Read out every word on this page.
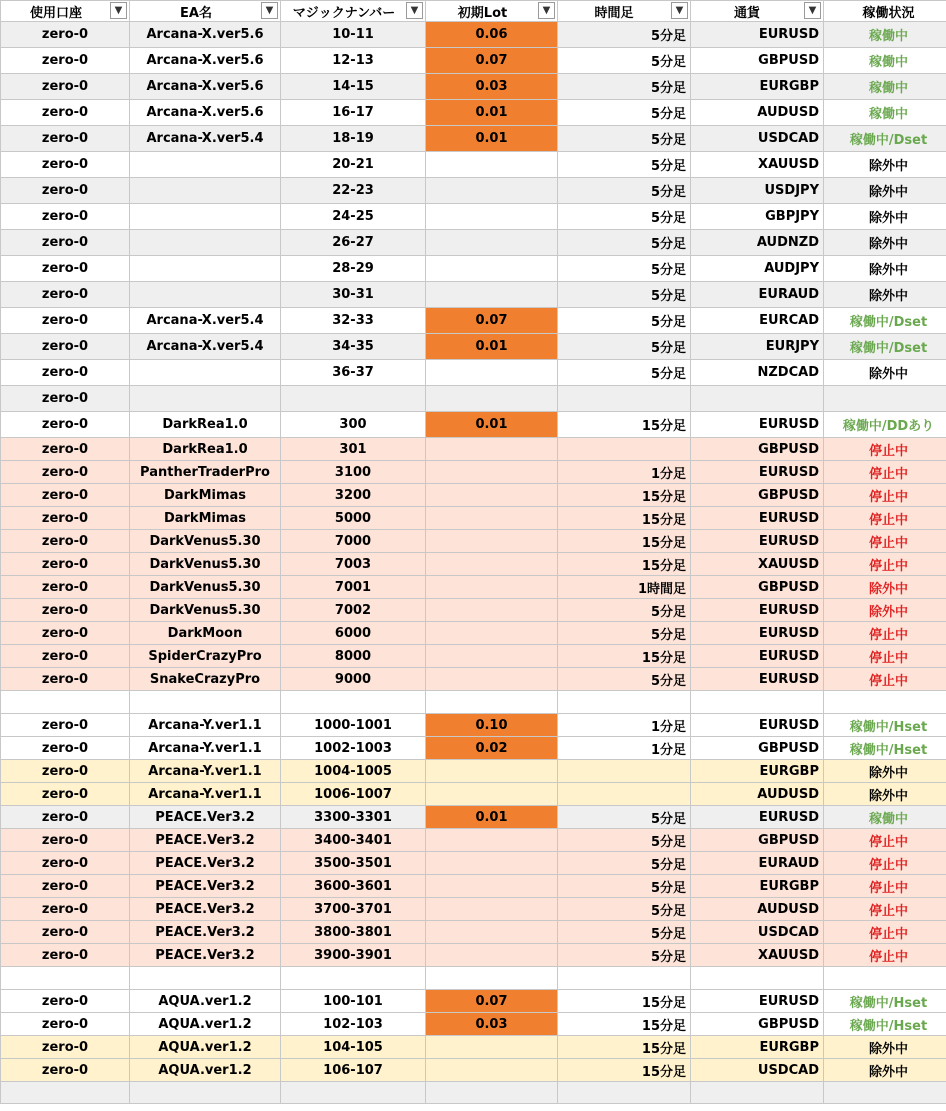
使用口座 ▼	EA名 ▼	マジックナンバー ▼	初期Lot ▼	時間足 ▼	通貨 ▼	稼働状況
zero-0	Arcana-X.ver5.6	10-11	0.06	5分足	EURUSD	稼働中
zero-0	Arcana-X.ver5.6	12-13	0.07	5分足	GBPUSD	稼働中
zero-0	Arcana-X.ver5.6	14-15	0.03	5分足	EURGBP	稼働中
zero-0	Arcana-X.ver5.6	16-17	0.01	5分足	AUDUSD	稼働中
zero-0	Arcana-X.ver5.4	18-19	0.01	5分足	USDCAD	稼働中/Dset
zero-0		20-21		5分足	XAUUSD	除外中
zero-0		22-23		5分足	USDJPY	除外中
zero-0		24-25		5分足	GBPJPY	除外中
zero-0		26-27		5分足	AUDNZD	除外中
zero-0		28-29		5分足	AUDJPY	除外中
zero-0		30-31		5分足	EURAUD	除外中
zero-0	Arcana-X.ver5.4	32-33	0.07	5分足	EURCAD	稼働中/Dset
zero-0	Arcana-X.ver5.4	34-35	0.01	5分足	EURJPY	稼働中/Dset
zero-0		36-37		5分足	NZDCAD	除外中
zero-0						
zero-0	DarkRea1.0	300	0.01	15分足	EURUSD	稼働中/DDあり
zero-0	DarkRea1.0	301			GBPUSD	停止中
zero-0	PantherTraderPro	3100		1分足	EURUSD	停止中
zero-0	DarkMimas	3200		15分足	GBPUSD	停止中
zero-0	DarkMimas	5000		15分足	EURUSD	停止中
zero-0	DarkVenus5.30	7000		15分足	EURUSD	停止中
zero-0	DarkVenus5.30	7003		15分足	XAUUSD	停止中
zero-0	DarkVenus5.30	7001		1時間足	GBPUSD	除外中
zero-0	DarkVenus5.30	7002		5分足	EURUSD	除外中
zero-0	DarkMoon	6000		5分足	EURUSD	停止中
zero-0	SpiderCrazyPro	8000		15分足	EURUSD	停止中
zero-0	SnakeCrazyPro	9000		5分足	EURUSD	停止中

zero-0	Arcana-Y.ver1.1	1000-1001	0.10	1分足	EURUSD	稼働中/Hset
zero-0	Arcana-Y.ver1.1	1002-1003	0.02	1分足	GBPUSD	稼働中/Hset
zero-0	Arcana-Y.ver1.1	1004-1005			EURGBP	除外中
zero-0	Arcana-Y.ver1.1	1006-1007			AUDUSD	除外中
zero-0	PEACE.Ver3.2	3300-3301	0.01	5分足	EURUSD	稼働中
zero-0	PEACE.Ver3.2	3400-3401		5分足	GBPUSD	停止中
zero-0	PEACE.Ver3.2	3500-3501		5分足	EURAUD	停止中
zero-0	PEACE.Ver3.2	3600-3601		5分足	EURGBP	停止中
zero-0	PEACE.Ver3.2	3700-3701		5分足	AUDUSD	停止中
zero-0	PEACE.Ver3.2	3800-3801		5分足	USDCAD	停止中
zero-0	PEACE.Ver3.2	3900-3901		5分足	XAUUSD	停止中

zero-0	AQUA.ver1.2	100-101	0.07	15分足	EURUSD	稼働中/Hset
zero-0	AQUA.ver1.2	102-103	0.03	15分足	GBPUSD	稼働中/Hset
zero-0	AQUA.ver1.2	104-105		15分足	EURGBP	除外中
zero-0	AQUA.ver1.2	106-107		15分足	USDCAD	除外中
